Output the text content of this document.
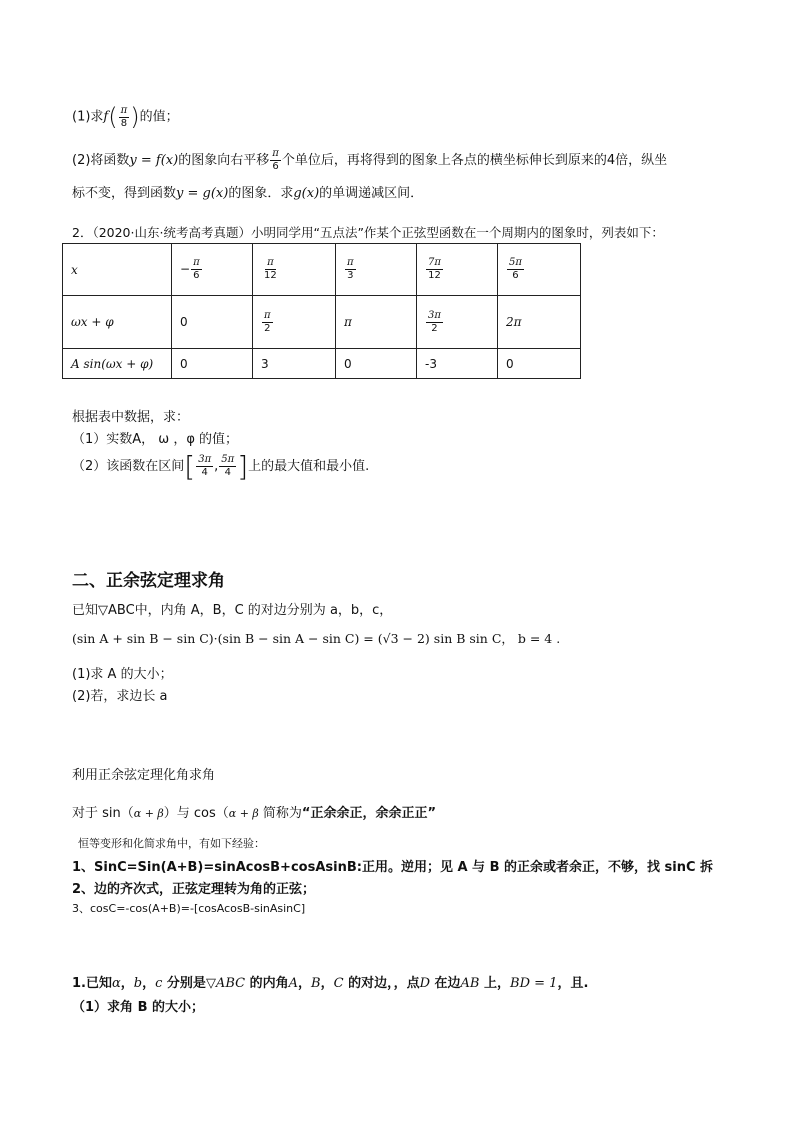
(1)求$f( \frac{\pi}{8}$ )的值；
(2)将函数y = f(x)的图象向右平移 $\frac{\pi}{6}$ 个单位后，再将得到的图象上各点的横坐标伸长到原来的4倍，纵坐
标不变，得到函数y = g(x)的图象．求g(x)的单调递减区间．
2．（2020·山东·统考高考真题）小明同学用“五点法”作某个正弦型函数在一个周期内的图象时，列表如下：
x	− $\frac{\pi}{6}$	$\frac{\pi}{12}$	$\frac{\pi}{3}$	$\frac{7\pi}{12}$	$\frac{5\pi}{6}$

ωx + φ	0	$\frac{\pi}{2}$	π	$\frac{3\pi}{2}$	2π
A sin(ωx + φ)	0	3	0	-3	0
根据表中数据，求：
（1）实数A， ω ，φ 的值；
（2）该函数在区间[ $\frac{3\pi}{4}$ , $\frac{5\pi}{4}$ ]上的最大值和最小值.
二、正余弦定理求角
已知▽ABC中，内角 A，B，C 的对边分别为 a，b，c，
(sin A + sin B − sin C)·(sin B − sin A − sin C) = (√3 − 2) sin B sin C， b = 4 .
(1)求 A 的大小；
(2)若，求边长 a
利用正余弦定理化角求角
对于 sin（α + β）与 cos（α + β 简称为“正余余正，余余正正”
恒等变形和化简求角中，有如下经验：
1、SinC=Sin(A+B)=sinAcosB+cosAsinB:正用。逆用；见 A 与 B 的正余或者余正，不够，找 sinC 拆
2、边的齐次式，正弦定理转为角的正弦；
3、cosC=-cos(A+B)=-[cosAcosB-sinAsinC]
1.已知α，b，c 分别是▽ABC 的内角A，B，C 的对边，，点D 在边AB 上，BD = 1，且.
（1）求角 B 的大小；
